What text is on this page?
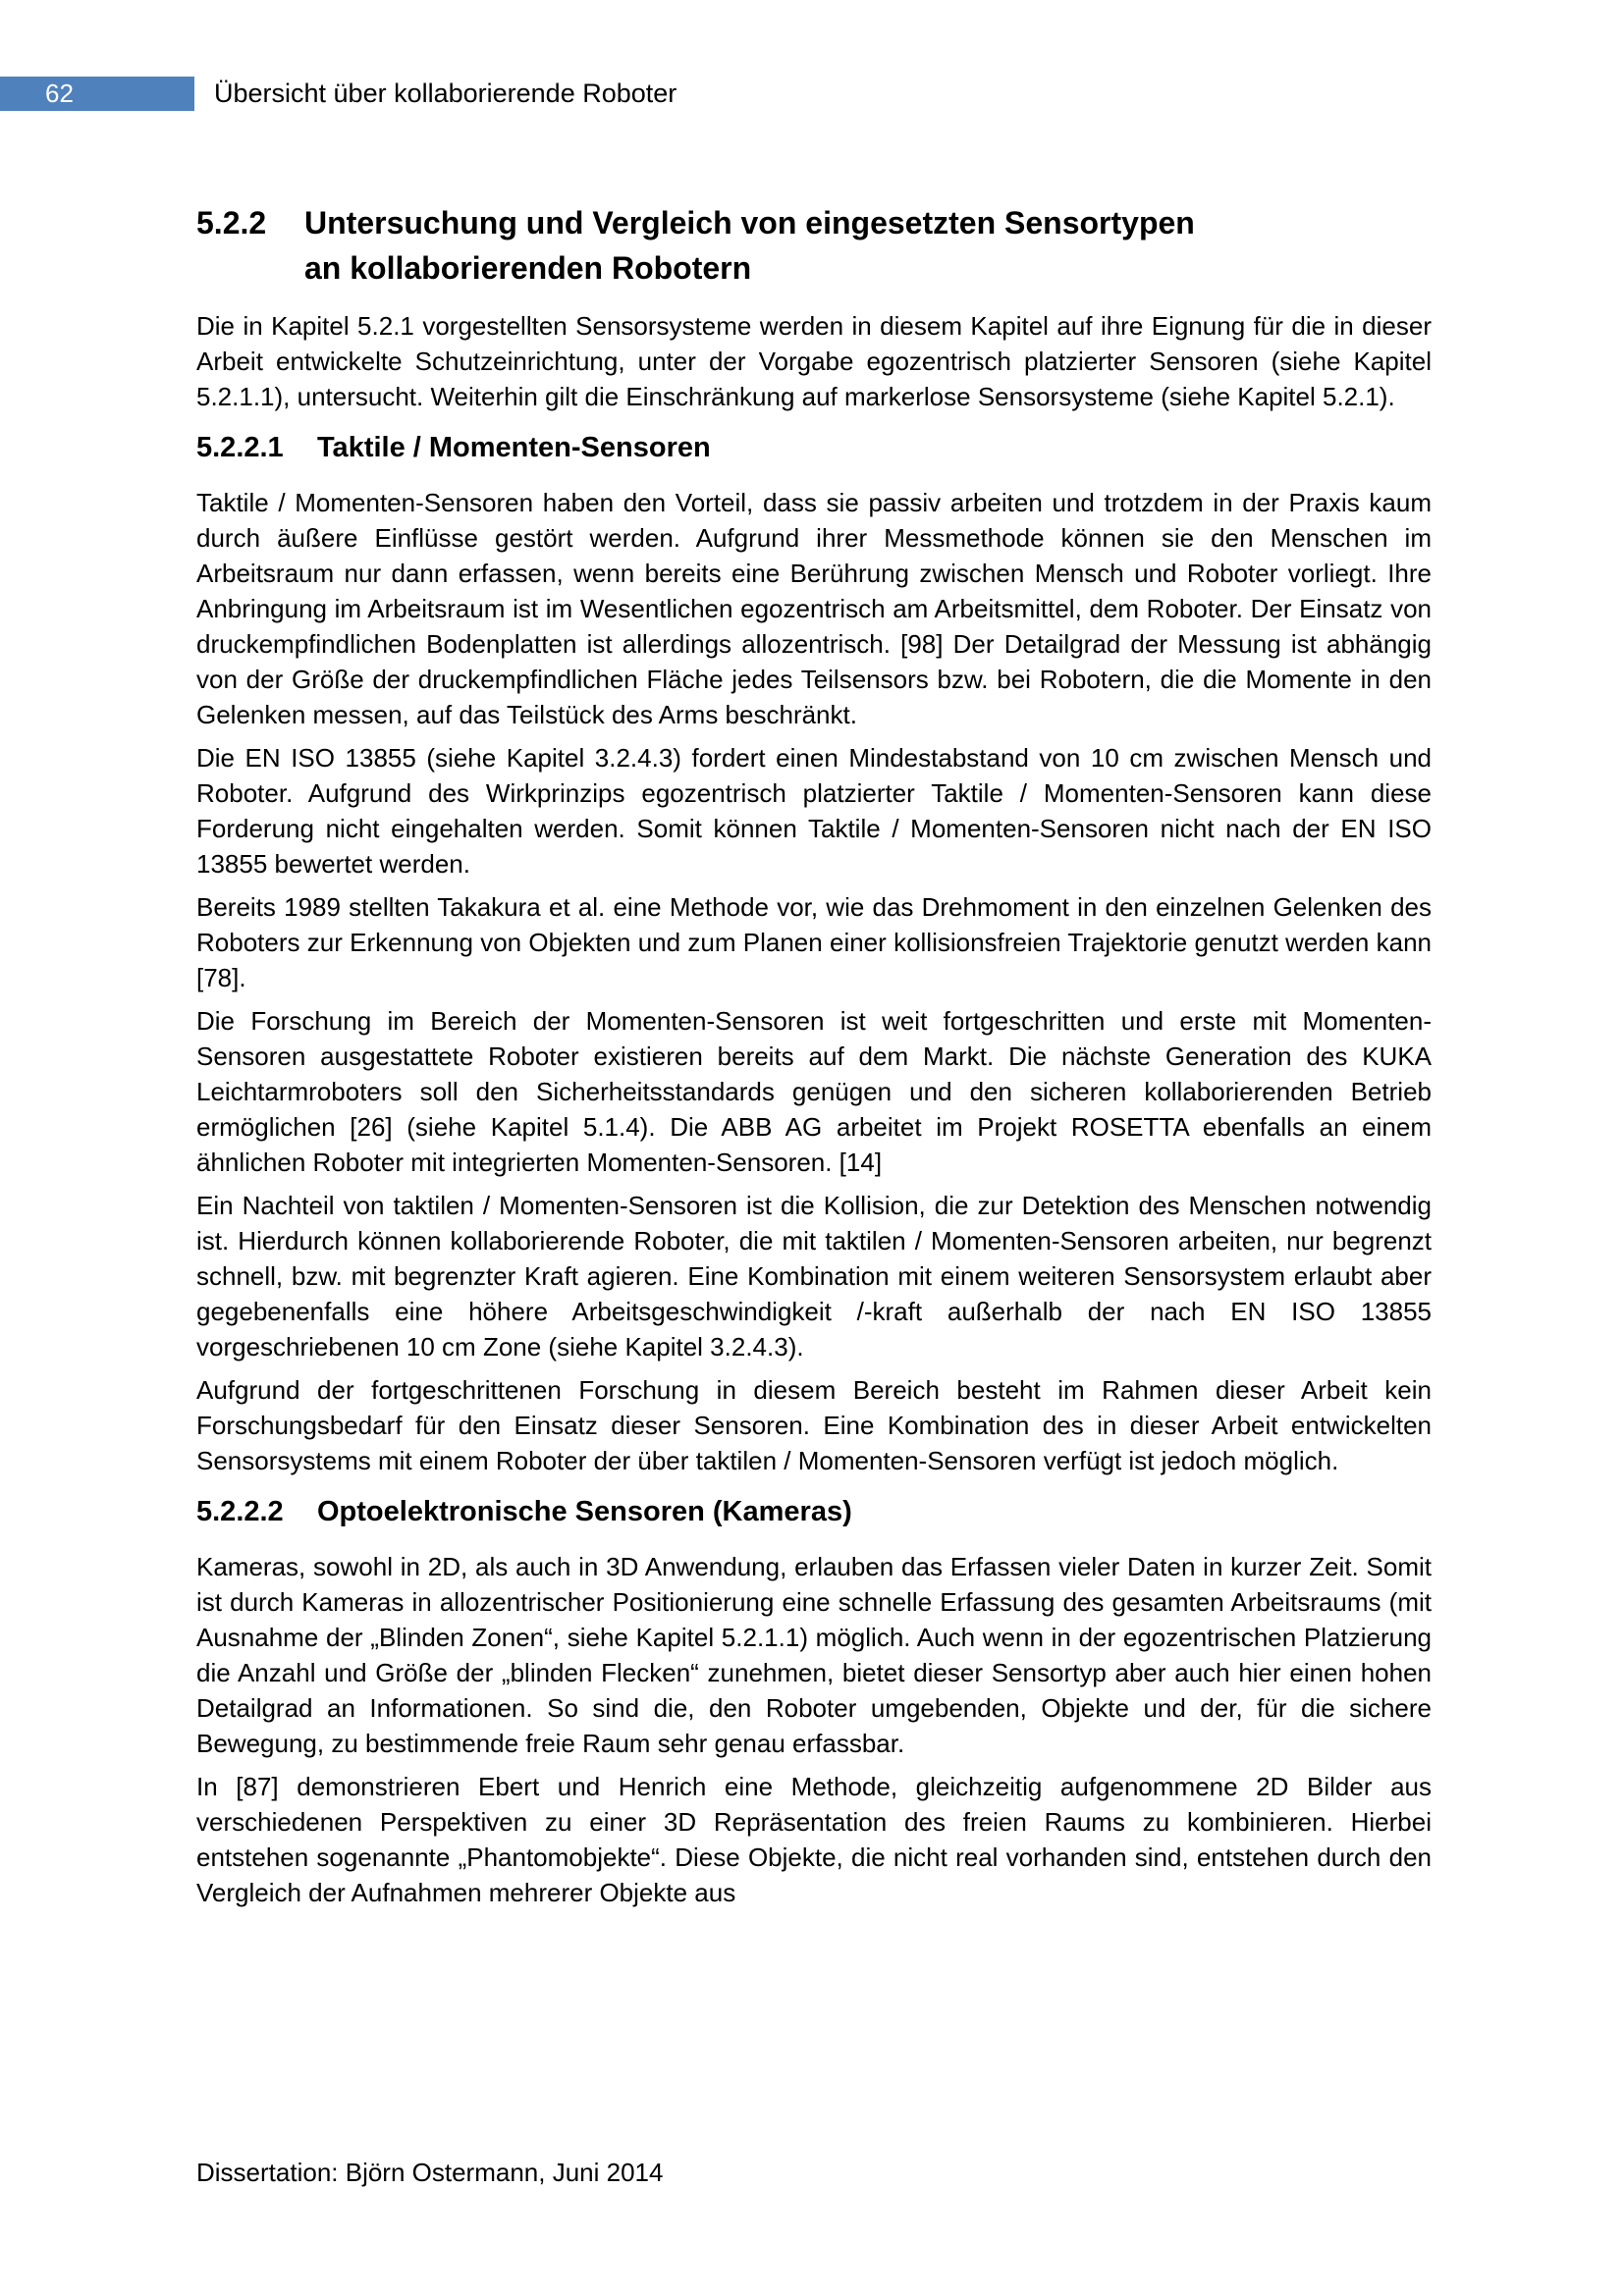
62	Übersicht über kollaborierende Roboter
5.2.2	Untersuchung und Vergleich von eingesetzten Sensortypen
an kollaborierenden Robotern

Die in Kapitel 5.2.1 vorgestellten Sensorsysteme werden in diesem Kapitel auf ihre Eignung für die in dieser Arbeit entwickelte Schutzeinrichtung, unter der Vorgabe egozentrisch platzierter Sensoren (siehe Kapitel 5.2.1.1), untersucht. Weiterhin gilt die Einschränkung auf markerlose Sensorsysteme (siehe Kapitel 5.2.1).

5.2.2.1	Taktile / Momenten-Sensoren

Taktile / Momenten-Sensoren haben den Vorteil, dass sie passiv arbeiten und trotzdem in der Praxis kaum durch äußere Einflüsse gestört werden. Aufgrund ihrer Messmethode können sie den Menschen im Arbeitsraum nur dann erfassen, wenn bereits eine Berührung zwischen Mensch und Roboter vorliegt. Ihre Anbringung im Arbeitsraum ist im Wesentlichen egozentrisch am Arbeitsmittel, dem Roboter. Der Einsatz von druckempfindlichen Bodenplatten ist allerdings allozentrisch. [98] Der Detailgrad der Messung ist abhängig von der Größe der druckempfindlichen Fläche jedes Teilsensors bzw. bei Robotern, die die Momente in den Gelenken messen, auf das Teilstück des Arms beschränkt.

Die EN ISO 13855 (siehe Kapitel 3.2.4.3) fordert einen Mindestabstand von 10 cm zwischen Mensch und Roboter. Aufgrund des Wirkprinzips egozentrisch platzierter Taktile / Momenten-Sensoren kann diese Forderung nicht eingehalten werden. Somit können Taktile / Momenten-Sensoren nicht nach der EN ISO 13855 bewertet werden.

Bereits 1989 stellten Takakura et al. eine Methode vor, wie das Drehmoment in den einzelnen Gelenken des Roboters zur Erkennung von Objekten und zum Planen einer kollisionsfreien Trajektorie genutzt werden kann [78].

Die Forschung im Bereich der Momenten-Sensoren ist weit fortgeschritten und erste mit Momenten-Sensoren ausgestattete Roboter existieren bereits auf dem Markt. Die nächste Generation des KUKA Leichtarmroboters soll den Sicherheitsstandards genügen und den sicheren kollaborierenden Betrieb ermöglichen [26] (siehe Kapitel 5.1.4). Die ABB AG arbeitet im Projekt ROSETTA ebenfalls an einem ähnlichen Roboter mit integrierten Momenten-Sensoren. [14]

Ein Nachteil von taktilen / Momenten-Sensoren ist die Kollision, die zur Detektion des Menschen notwendig ist. Hierdurch können kollaborierende Roboter, die mit taktilen / Momenten-Sensoren arbeiten, nur begrenzt schnell, bzw. mit begrenzter Kraft agieren. Eine Kombination mit einem weiteren Sensorsystem erlaubt aber gegebenenfalls eine höhere Arbeitsgeschwindigkeit /-kraft außerhalb der nach EN ISO 13855 vorgeschriebenen 10 cm Zone (siehe Kapitel 3.2.4.3).

Aufgrund der fortgeschrittenen Forschung in diesem Bereich besteht im Rahmen dieser Arbeit kein Forschungsbedarf für den Einsatz dieser Sensoren. Eine Kombination des in dieser Arbeit entwickelten Sensorsystems mit einem Roboter der über taktilen / Momenten-Sensoren verfügt ist jedoch möglich.

5.2.2.2	Optoelektronische Sensoren (Kameras)

Kameras, sowohl in 2D, als auch in 3D Anwendung, erlauben das Erfassen vieler Daten in kurzer Zeit. Somit ist durch Kameras in allozentrischer Positionierung eine schnelle Erfassung des gesamten Arbeitsraums (mit Ausnahme der „Blinden Zonen“, siehe Kapitel 5.2.1.1) möglich. Auch wenn in der egozentrischen Platzierung die Anzahl und Größe der „blinden Flecken“ zunehmen, bietet dieser Sensortyp aber auch hier einen hohen Detailgrad an Informationen. So sind die, den Roboter umgebenden, Objekte und der, für die sichere Bewegung, zu bestimmende freie Raum sehr genau erfassbar.

In [87] demonstrieren Ebert und Henrich eine Methode, gleichzeitig aufgenommene 2D Bilder aus verschiedenen Perspektiven zu einer 3D Repräsentation des freien Raums zu kombinieren. Hierbei entstehen sogenannte „Phantomobjekte“. Diese Objekte, die nicht real vorhanden sind, entstehen durch den Vergleich der Aufnahmen mehrerer Objekte aus

Dissertation: Björn Ostermann, Juni 2014
